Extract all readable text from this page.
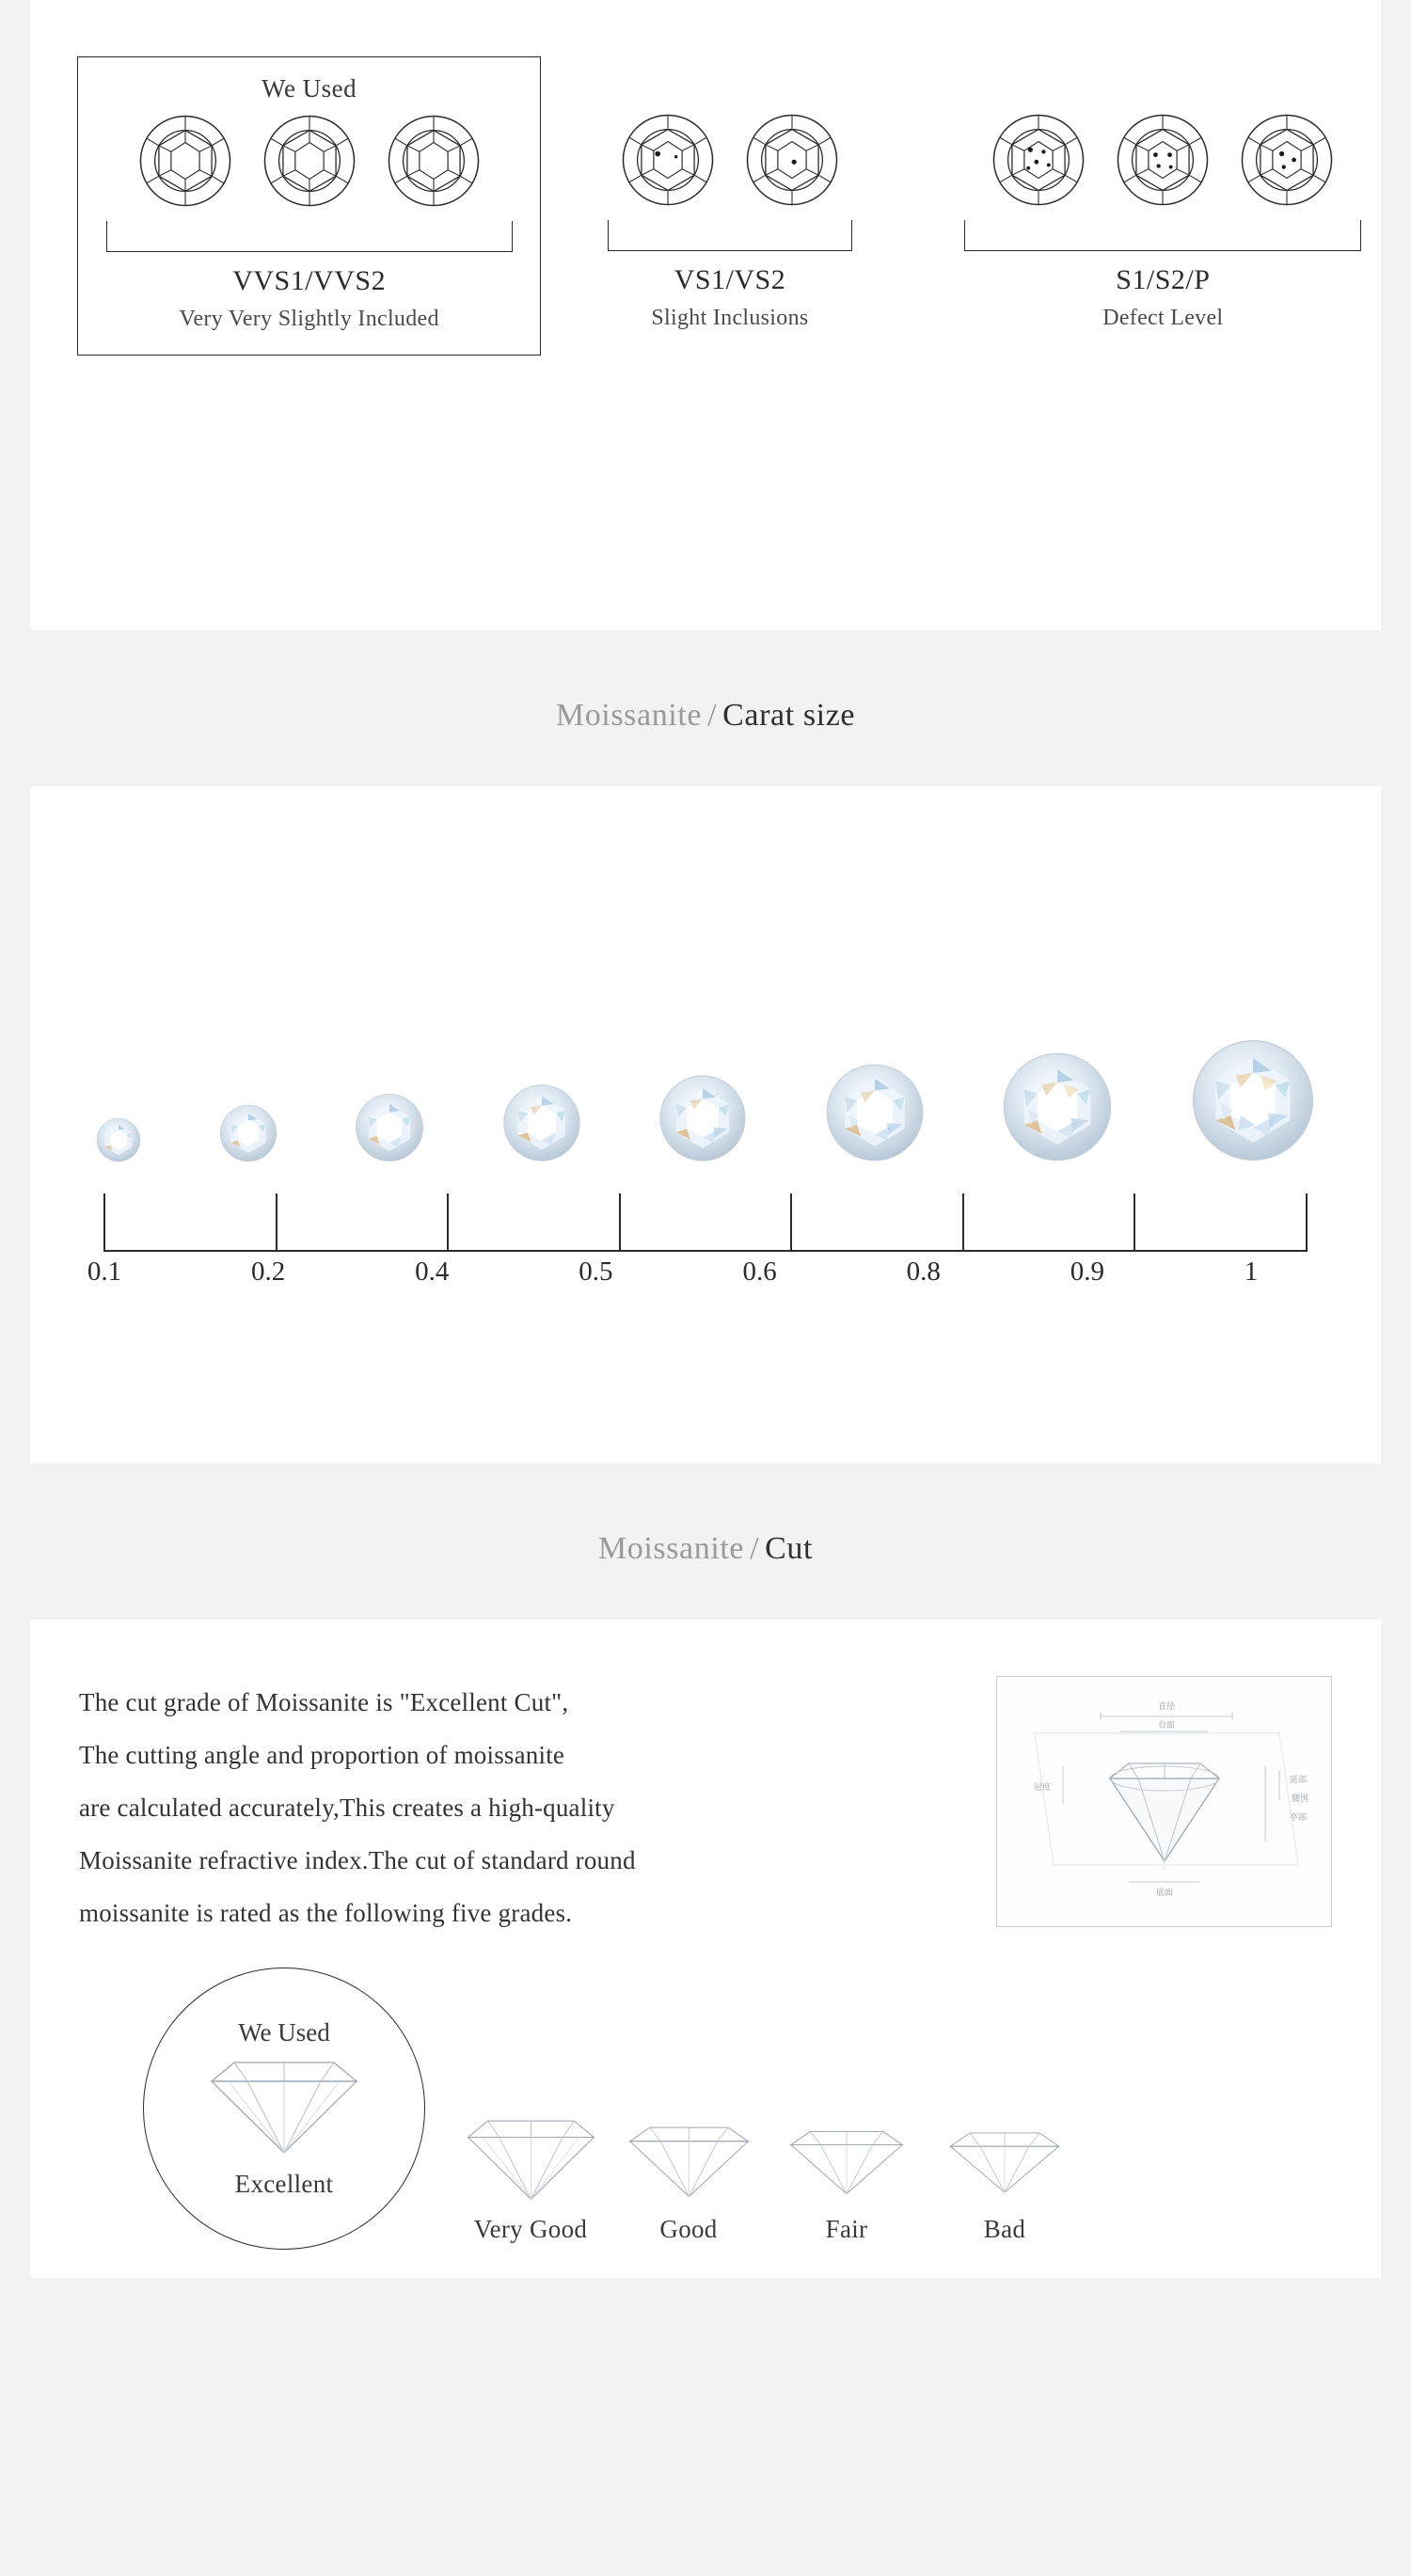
We Used
VVS1/VVS2
Very Very Slightly Included
VS1/VS2
Slight Inclusions
S1/S2/P
Defect Level
Moissanite / Carat size
0.1	0.2	0.4	0.5	0.6	0.8	0.9	1
Moissanite / Cut
The cut grade of Moissanite is "Excellent Cut",
The cutting angle and proportion of moissanite
are calculated accurately,This creates a high-quality
Moissanite refractive index.The cut of standard round
moissanite is rated as the following five grades.
直径
台面
冠度
延部
腰围
亭部
底面
We Used
Excellent
Very Good	Good	Fair	Bad
